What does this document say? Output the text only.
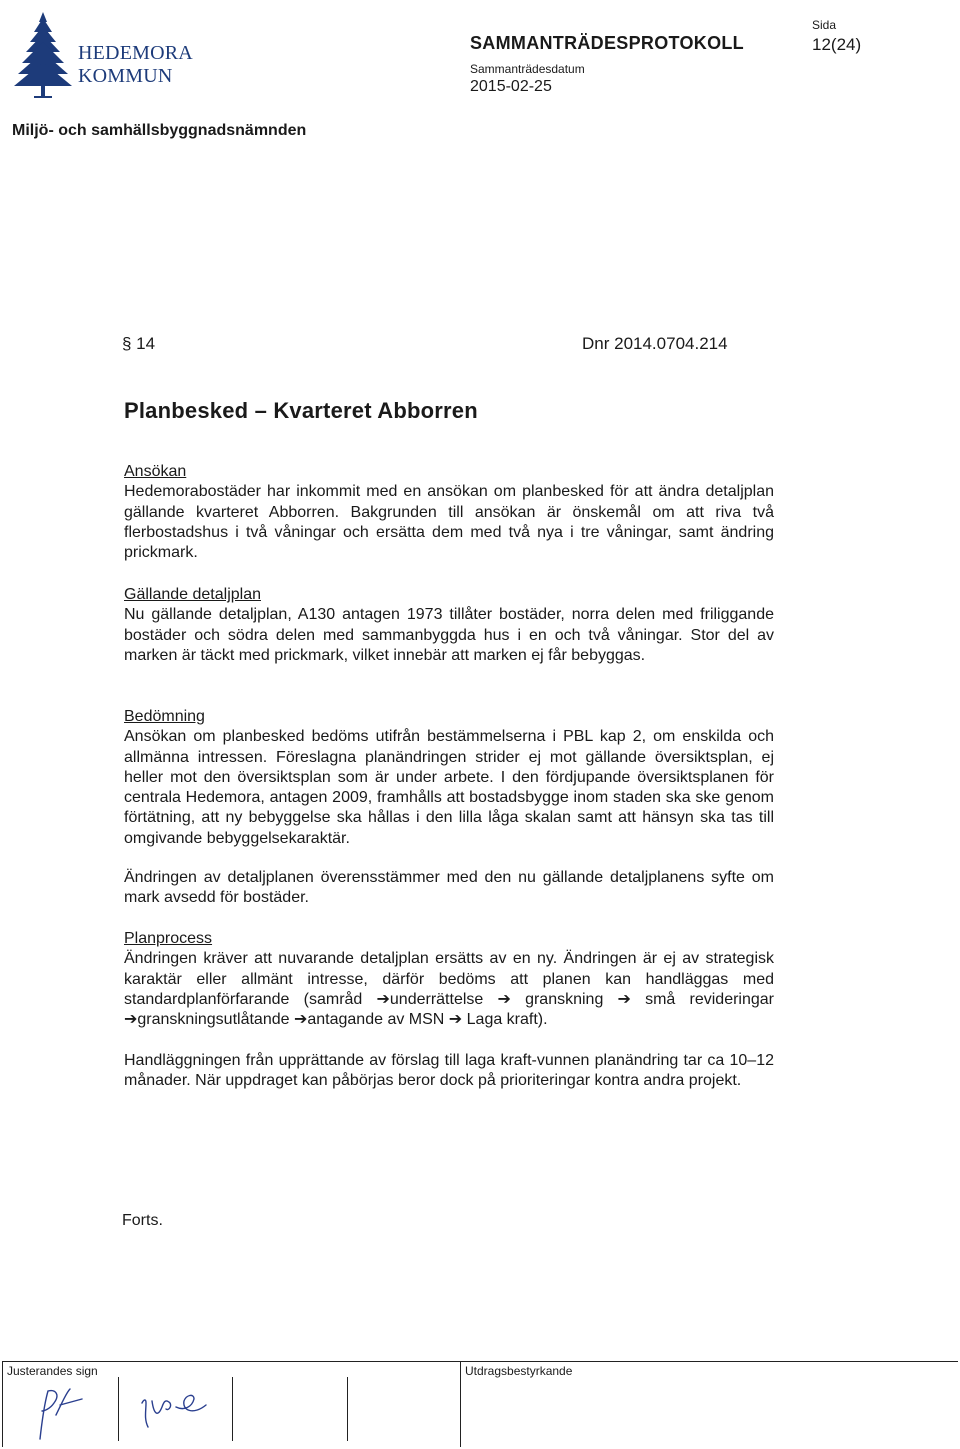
HEDEMORA
KOMMUN
SAMMANTRÄDESPROTOKOLL
Sammanträdesdatum
2015-02-25
Sida
12(24)
Miljö- och samhällsbyggnadsnämnden
§ 14	Dnr 2014.0704.214
Planbesked – Kvarteret Abborren
Ansökan
Hedemorabostäder har inkommit med en ansökan om planbesked för att ändra detaljplan gällande kvarteret Abborren. Bakgrunden till ansökan är önskemål om att riva två flerbostadshus i två våningar och ersätta dem med två nya i tre våningar, samt ändring prickmark.
Gällande detaljplan
Nu gällande detaljplan, A130 antagen 1973 tillåter bostäder, norra delen med friliggande bostäder och södra delen med sammanbyggda hus i en och två våningar. Stor del av marken är täckt med prickmark, vilket innebär att marken ej får bebyggas.
Bedömning
Ansökan om planbesked bedöms utifrån bestämmelserna i PBL kap 2, om enskilda och allmänna intressen. Föreslagna planändringen strider ej mot gällande översiktsplan, ej heller mot den översiktsplan som är under arbete. I den fördjupande översiktsplanen för centrala Hedemora, antagen 2009, framhålls att bostadsbygge inom staden ska ske genom förtätning, att ny bebyggelse ska hållas i den lilla låga skalan samt att hänsyn ska tas till omgivande bebyggelsekaraktär.
Ändringen av detaljplanen överensstämmer med den nu gällande detaljplanens syfte om mark avsedd för bostäder.
Planprocess
Ändringen kräver att nuvarande detaljplan ersätts av en ny. Ändringen är ej av strategisk karaktär eller allmänt intresse, därför bedöms att planen kan handläggas med standardplanförfarande (samråd ➔underrättelse ➔ granskning ➔ små revideringar ➔granskningsutlåtande ➔antagande av MSN ➔ Laga kraft).
Handläggningen från upprättande av förslag till laga kraft-vunnen planändring tar ca 10–12 månader. När uppdraget kan påbörjas beror dock på prioriteringar kontra andra projekt.
Forts.
Justerandes sign	Utdragsbestyrkande
